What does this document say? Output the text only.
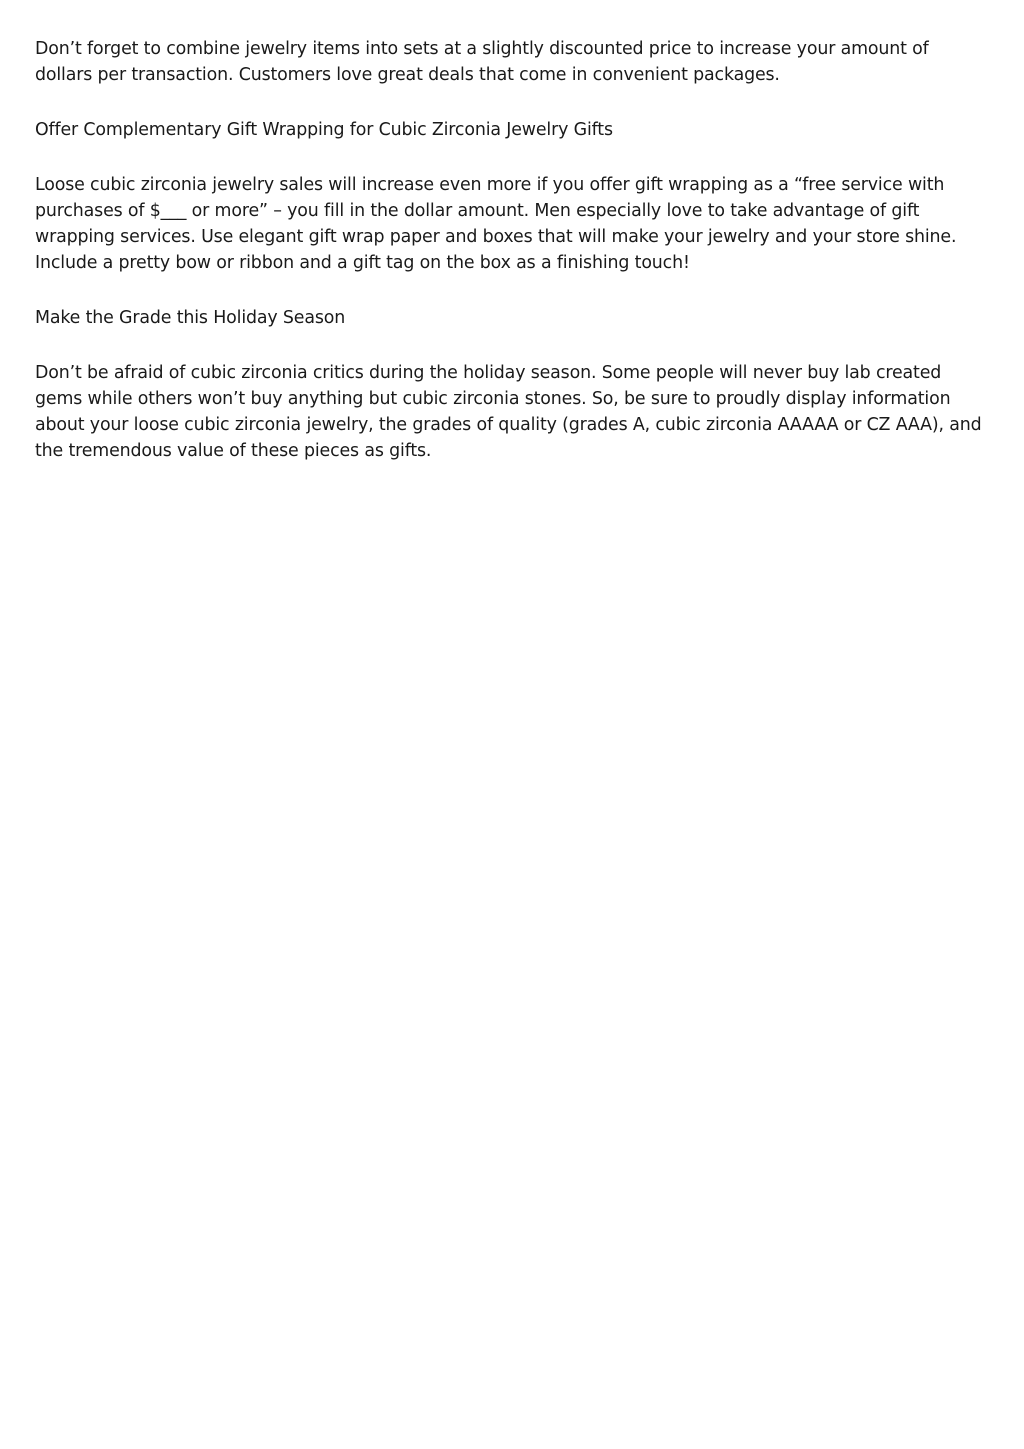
Don’t forget to combine jewelry items into sets at a slightly discounted price to increase your amount of dollars per transaction. Customers love great deals that come in convenient packages.

Offer Complementary Gift Wrapping for Cubic Zirconia Jewelry Gifts

Loose cubic zirconia jewelry sales will increase even more if you offer gift wrapping as a “free service with purchases of $___ or more” – you fill in the dollar amount. Men especially love to take advantage of gift wrapping services. Use elegant gift wrap paper and boxes that will make your jewelry and your store shine. Include a pretty bow or ribbon and a gift tag on the box as a finishing touch!

Make the Grade this Holiday Season

Don’t be afraid of cubic zirconia critics during the holiday season. Some people will never buy lab created gems while others won’t buy anything but cubic zirconia stones. So, be sure to proudly display information about your loose cubic zirconia jewelry, the grades of quality (grades A, cubic zirconia AAAAA or CZ AAA), and the tremendous value of these pieces as gifts.
